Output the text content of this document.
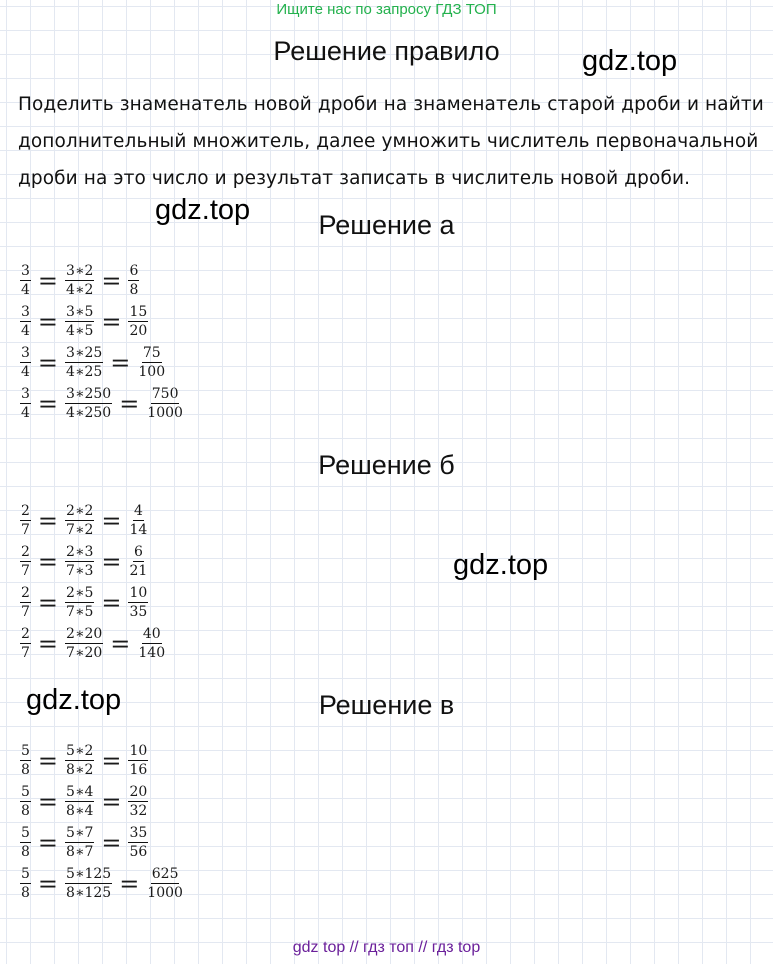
Ищите нас по запросу ГДЗ ТОП
Решение правило	gdz.top
Поделить знаменатель новой дроби на знаменатель старой дроби и найти
дополнительный множитель, далее умножить числитель первоначальной
дроби на это число и результат записать в числитель новой дроби.
gdz.top	Решение а
$\frac{3}{4} = \frac{3∗2}{4∗2} = \frac{6}{8}$
$\frac{3}{4} = \frac{3∗5}{4∗5} = \frac{15}{20}$
$\frac{3}{4} = \frac{3∗25}{4∗25} = \frac{75}{100}$
$\frac{3}{4} = \frac{3∗250}{4∗250} = \frac{750}{1000}$
Решение б
$\frac{2}{7} = \frac{2∗2}{7∗2} = \frac{4}{14}$
$\frac{2}{7} = \frac{2∗3}{7∗3} = \frac{6}{21}$
$\frac{2}{7} = \frac{2∗5}{7∗5} = \frac{10}{35}$
$\frac{2}{7} = \frac{2∗20}{7∗20} = \frac{40}{140}$
gdz.top
gdz.top	Решение в
$\frac{5}{8} = \frac{5∗2}{8∗2} = \frac{10}{16}$
$\frac{5}{8} = \frac{5∗4}{8∗4} = \frac{20}{32}$
$\frac{5}{8} = \frac{5∗7}{8∗7} = \frac{35}{56}$
$\frac{5}{8} = \frac{5∗125}{8∗125} = \frac{625}{1000}$
gdz top // гдз топ // гдз top
